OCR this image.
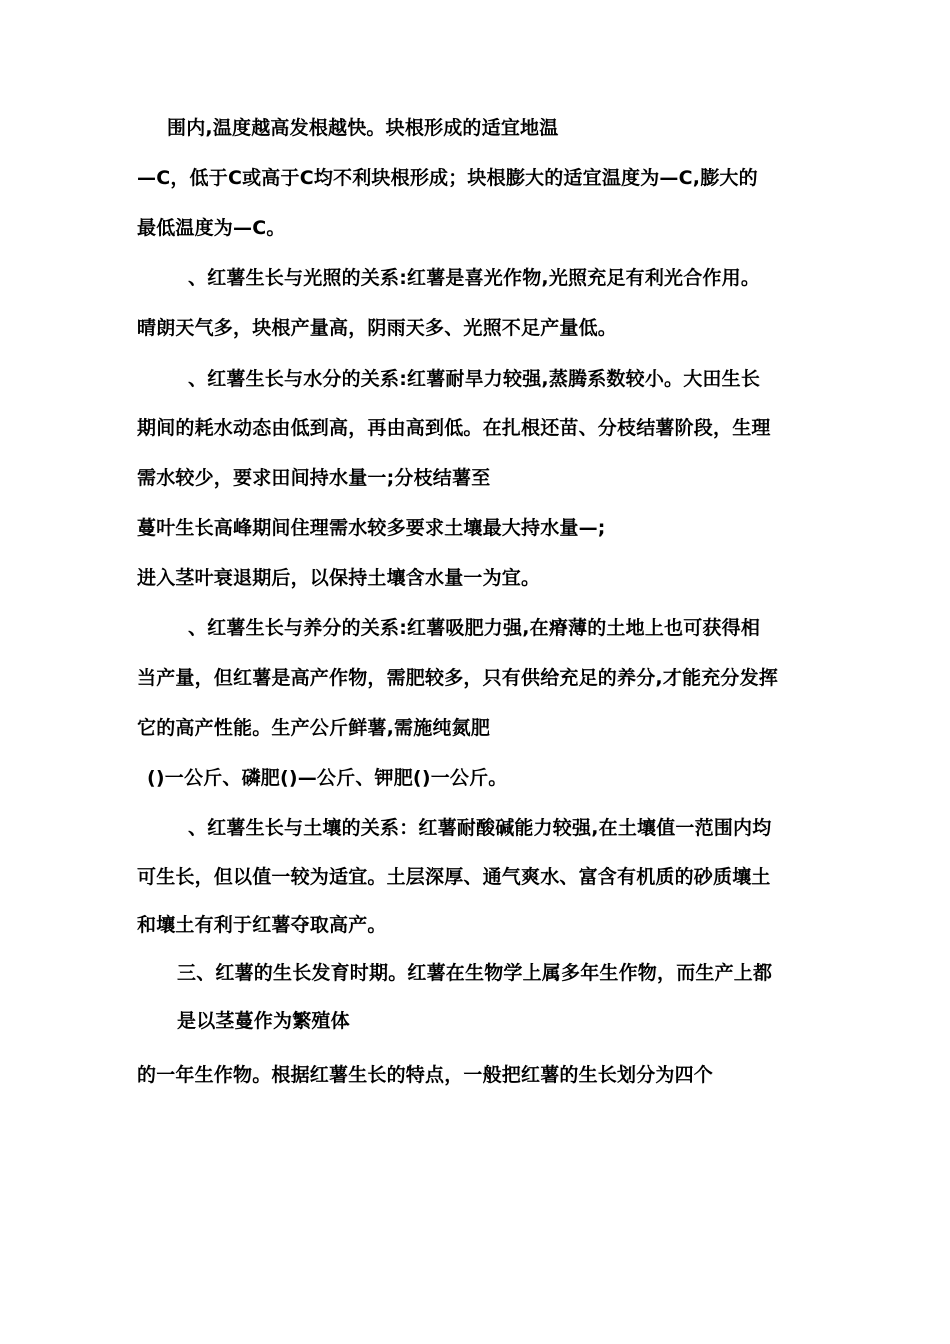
围内,温度越高发根越快。块根形成的适宜地温
—C，低于C或高于C均不利块根形成；块根膨大的适宜温度为—C,膨大的
最低温度为—C。
、红薯生长与光照的关系:红薯是喜光作物,光照充足有利光合作用。
晴朗天气多，块根产量高，阴雨天多、光照不足产量低。
、红薯生长与水分的关系:红薯耐旱力较强,蒸腾系数较小。大田生长
期间的耗水动态由低到高，再由高到低。在扎根还苗、分枝结薯阶段，生理
需水较少，要求田间持水量一;分枝结薯至
蔓叶生长高峰期间住理需水较多要求土壤最大持水量—;
进入茎叶衰退期后，以保持土壤含水量一为宜。
、红薯生长与养分的关系:红薯吸肥力强,在瘠薄的土地上也可获得相
当产量，但红薯是高产作物，需肥较多，只有供给充足的养分,才能充分发挥
它的高产性能。生产公斤鲜薯,需施纯氮肥
()一公斤、磷肥()—公斤、钾肥()一公斤。
、红薯生长与土壤的关系：红薯耐酸碱能力较强,在土壤值一范围内均
可生长，但以值一较为适宜。土层深厚、通气爽水、富含有机质的砂质壤土
和壤土有利于红薯夺取高产。
三、红薯的生长发育时期。红薯在生物学上属多年生作物，而生产上都
是以茎蔓作为繁殖体
的一年生作物。根据红薯生长的特点，一般把红薯的生长划分为四个
